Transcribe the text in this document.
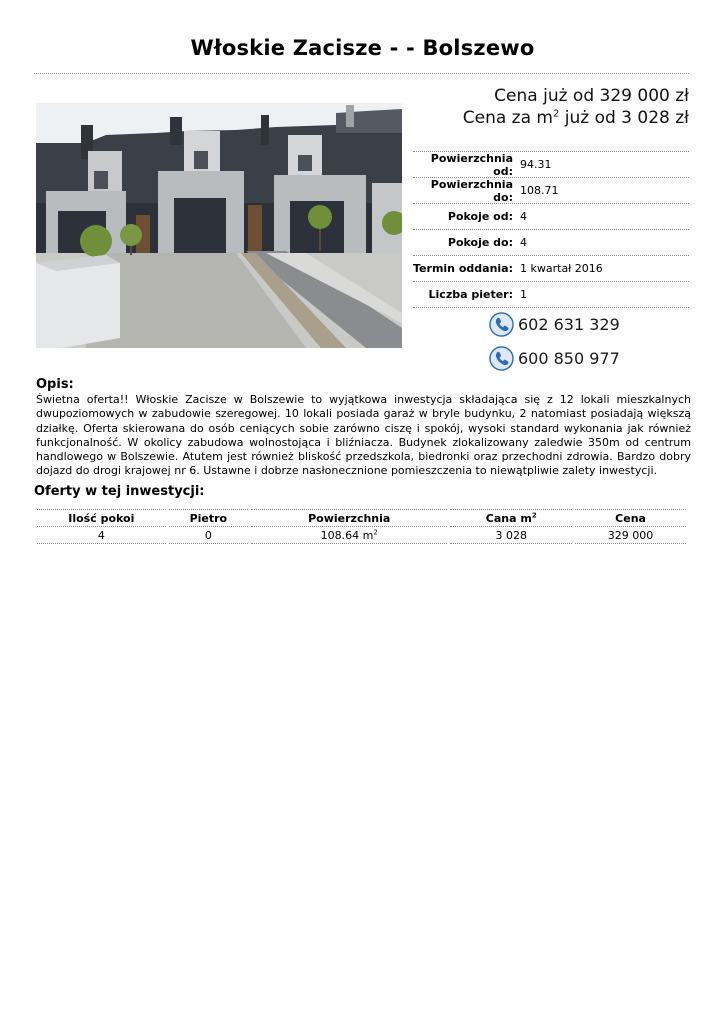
Włoskie Zacisze - - Bolszewo
Cena już od 329 000 zł
Cena za $m^2$ już od 3 028 zł
Powierzchnia od: 94.31
Powierzchnia do: 108.71
Pokoje od: 4
Pokoje do: 4
Termin oddania: 1 kwartał 2016
Liczba pieter: 1
602 631 329
600 850 977
Opis:
Świetna oferta!! Włoskie Zacisze w Bolszewie to wyjątkowa inwestycja składająca się z 12 lokali mieszkalnych dwupoziomowych w zabudowie szeregowej. 10 lokali posiada garaż w bryle budynku, 2 natomiast posiadają większą działkę. Oferta skierowana do osób ceniących sobie zarówno ciszę i spokój, wysoki standard wykonania jak również funkcjonalność. W okolicy zabudowa wolnostojąca i bliźniacza. Budynek zlokalizowany zaledwie 350m od centrum handlowego w Bolszewie. Atutem jest również bliskość przedszkola, biedronki oraz przechodni zdrowia. Bardzo dobry dojazd do drogi krajowej nr 6. Ustawne i dobrze nasłonecznione pomieszczenia to niewątpliwie zalety inwestycji.
Oferty w tej inwestycji:
Ilość pokoi	Pietro	Powierzchnia	Cana $m^2$	Cena
4	0	108.64 $m^2$	3 028	329 000
